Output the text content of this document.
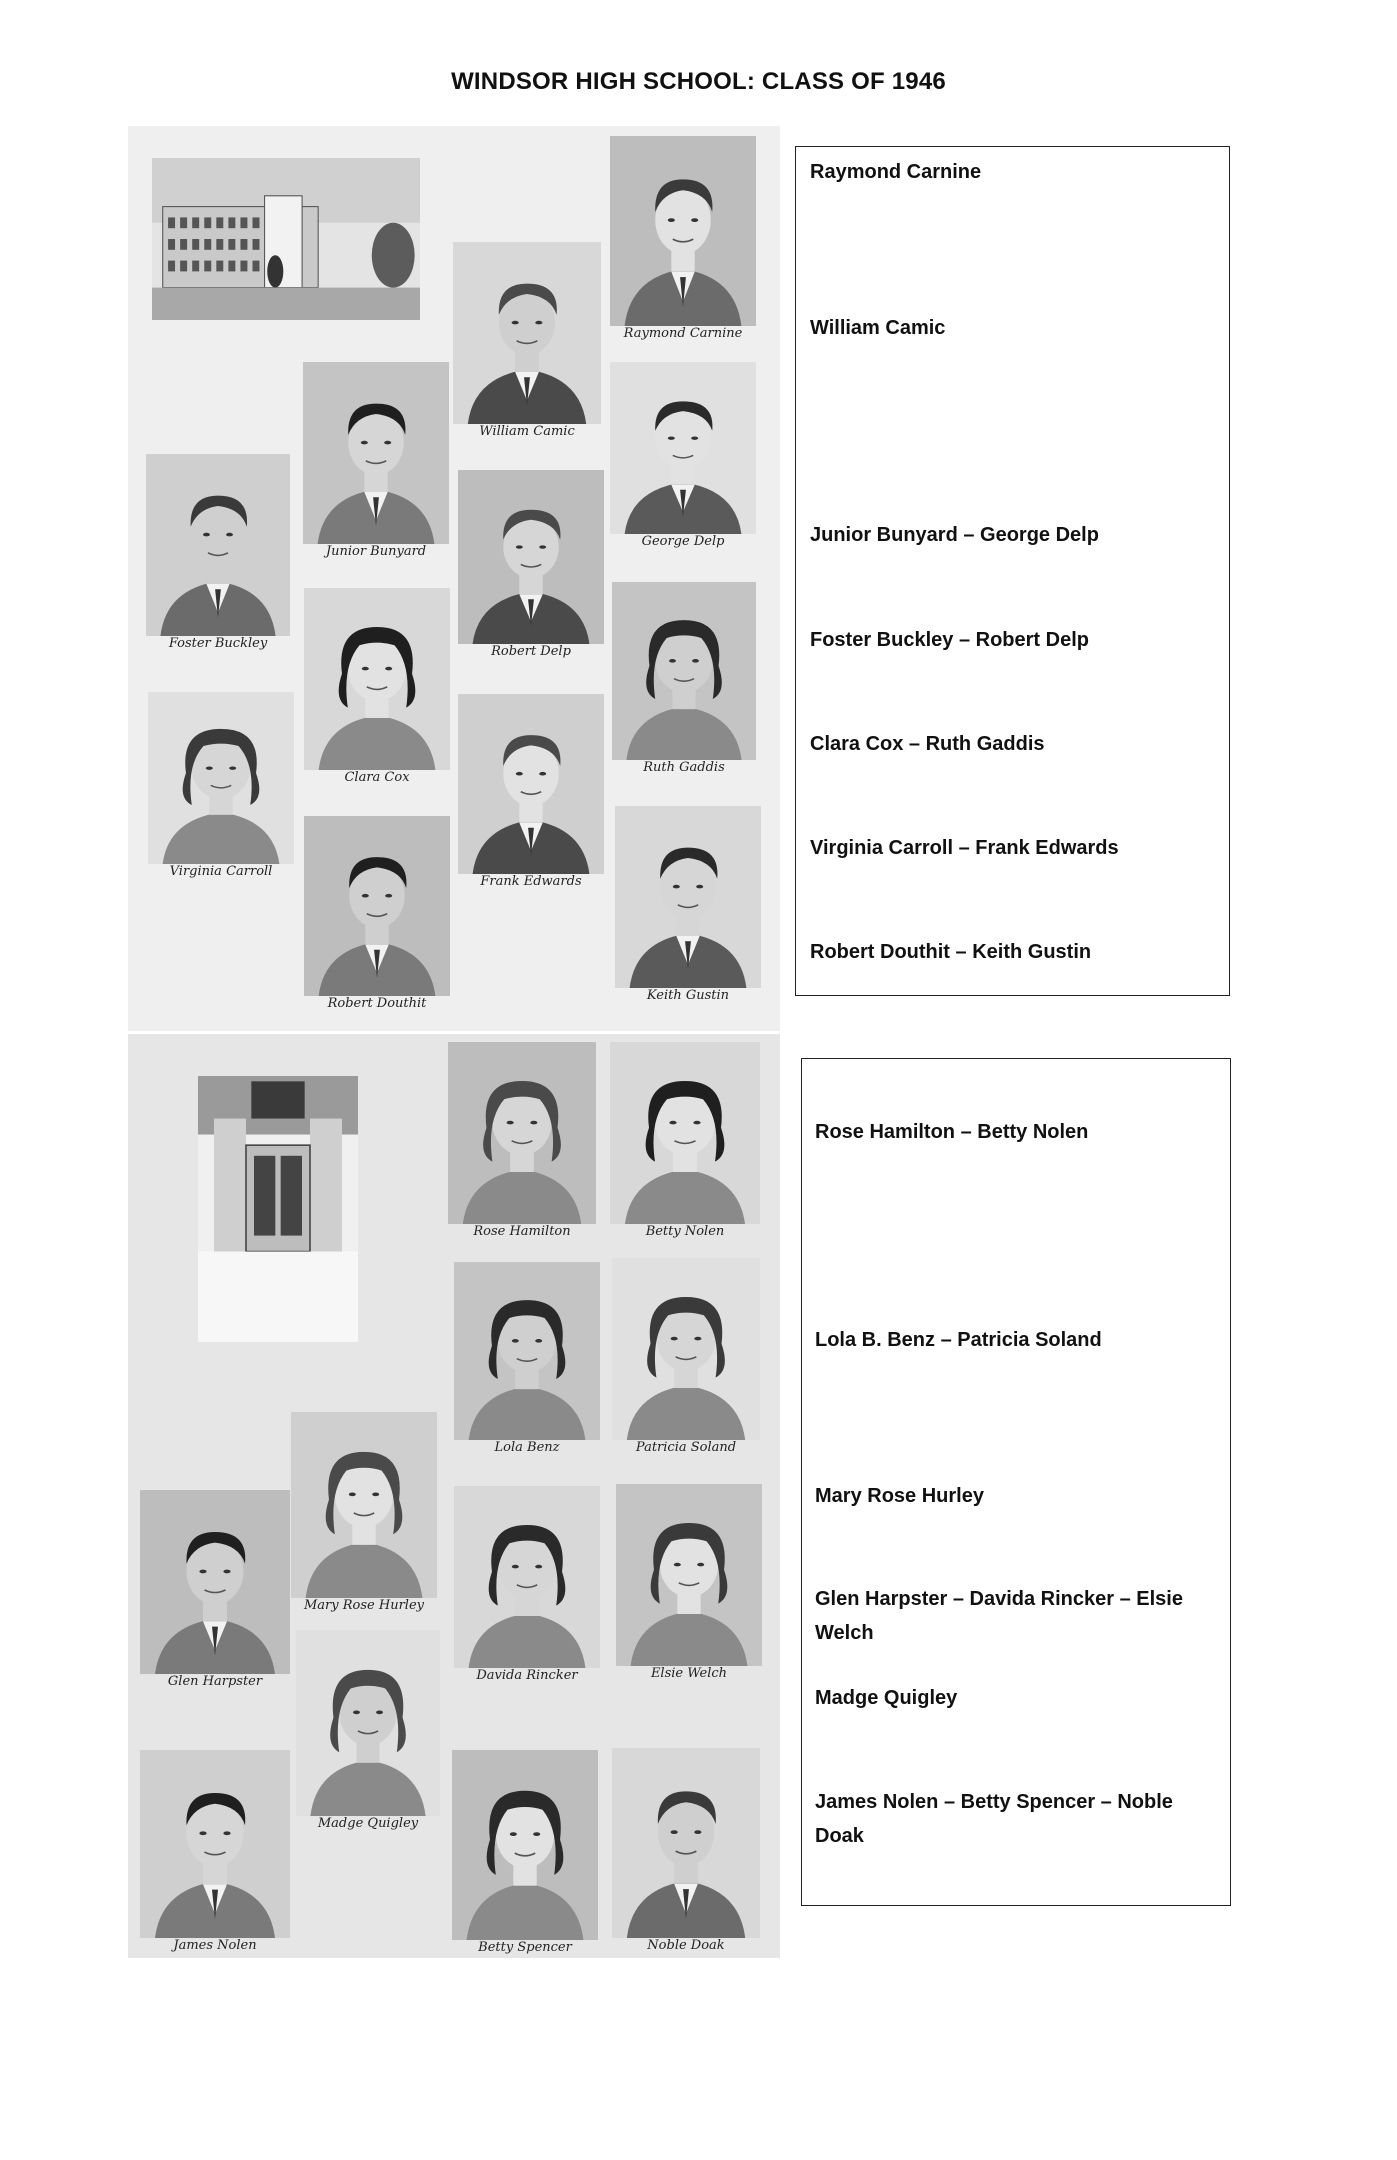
WINDSOR HIGH SCHOOL: CLASS OF 1946
Raymond Carnine
William Camic
Junior Bunyard
George Delp
Foster Buckley
Robert Delp
Clara Cox
Ruth Gaddis
Virginia Carroll
Frank Edwards
Robert Douthit
Keith Gustin
Rose Hamilton	Betty Nolen
Lola Benz	Patricia Soland
Mary Rose Hurley
Glen Harpster	Davida Rincker	Elsie Welch
Madge Quigley
James Nolen	Betty Spencer	Noble Doak
Raymond Carnine
William Camic
Junior Bunyard – George Delp
Foster Buckley – Robert Delp
Clara Cox – Ruth Gaddis
Virginia Carroll – Frank Edwards
Robert Douthit – Keith Gustin
Rose Hamilton – Betty Nolen
Lola B. Benz – Patricia Soland
Mary Rose Hurley
Glen Harpster – Davida Rincker – Elsie Welch
Madge Quigley
James Nolen – Betty Spencer – Noble Doak
